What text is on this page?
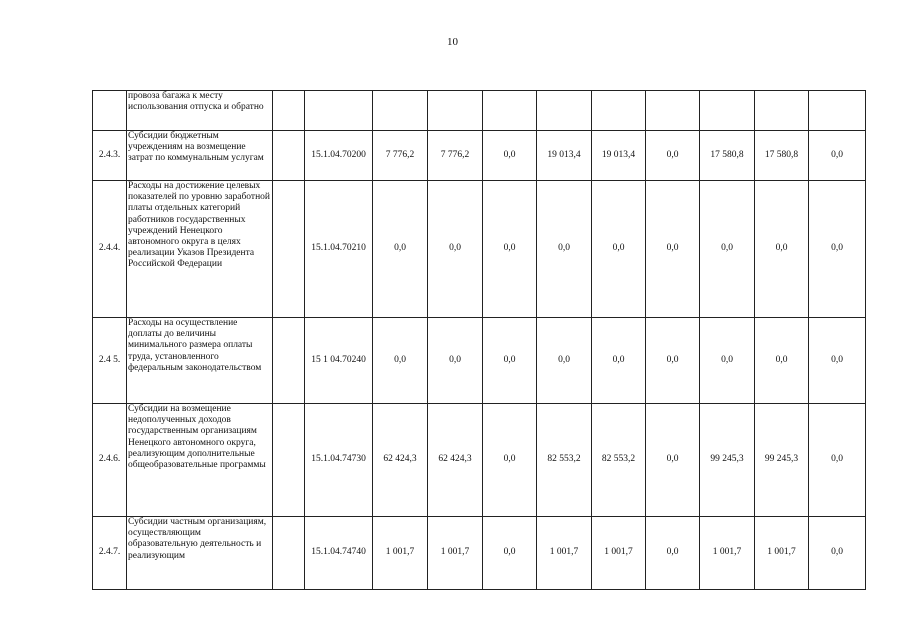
10

	провоза багажа к месту использования отпуска и обратно											

2.4.3.	Субсидии бюджетным учреждениям на возмещение затрат по коммунальным услугам		15.1.04.70200	7 776,2	7 776,2	0,0	19 013,4	19 013,4	0,0	17 580,8	17 580,8	0,0
2.4.4.	Расходы на достижение целевых показателей по уровню заработной платы отдельных категорий работников государственных учреждений Ненецкого автономного округа в целях реализации Указов Президента Российской Федерации		15.1.04.70210	0,0	0,0	0,0	0,0	0,0	0,0	0,0	0,0	0,0
2.4 5.	Расходы на осуществление доплаты до величины минимального размера оплаты труда, установленного федеральным законодательством		15 1 04.70240	0,0	0,0	0,0	0,0	0,0	0,0	0,0	0,0	0,0
2.4.6.	Субсидии на возмещение недополученных доходов государственным организациям Ненецкого автономного округа, реализующим дополнительные общеобразовательные программы		15.1.04.74730	62 424,3	62 424,3	0,0	82 553,2	82 553,2	0,0	99 245,3	99 245,3	0,0
2.4.7.	Субсидии частным организациям, осуществляющим образовательную деятельность и реализующим		15.1.04.74740	1 001,7	1 001,7	0,0	1 001,7	1 001,7	0,0	1 001,7	1 001,7	0,0
